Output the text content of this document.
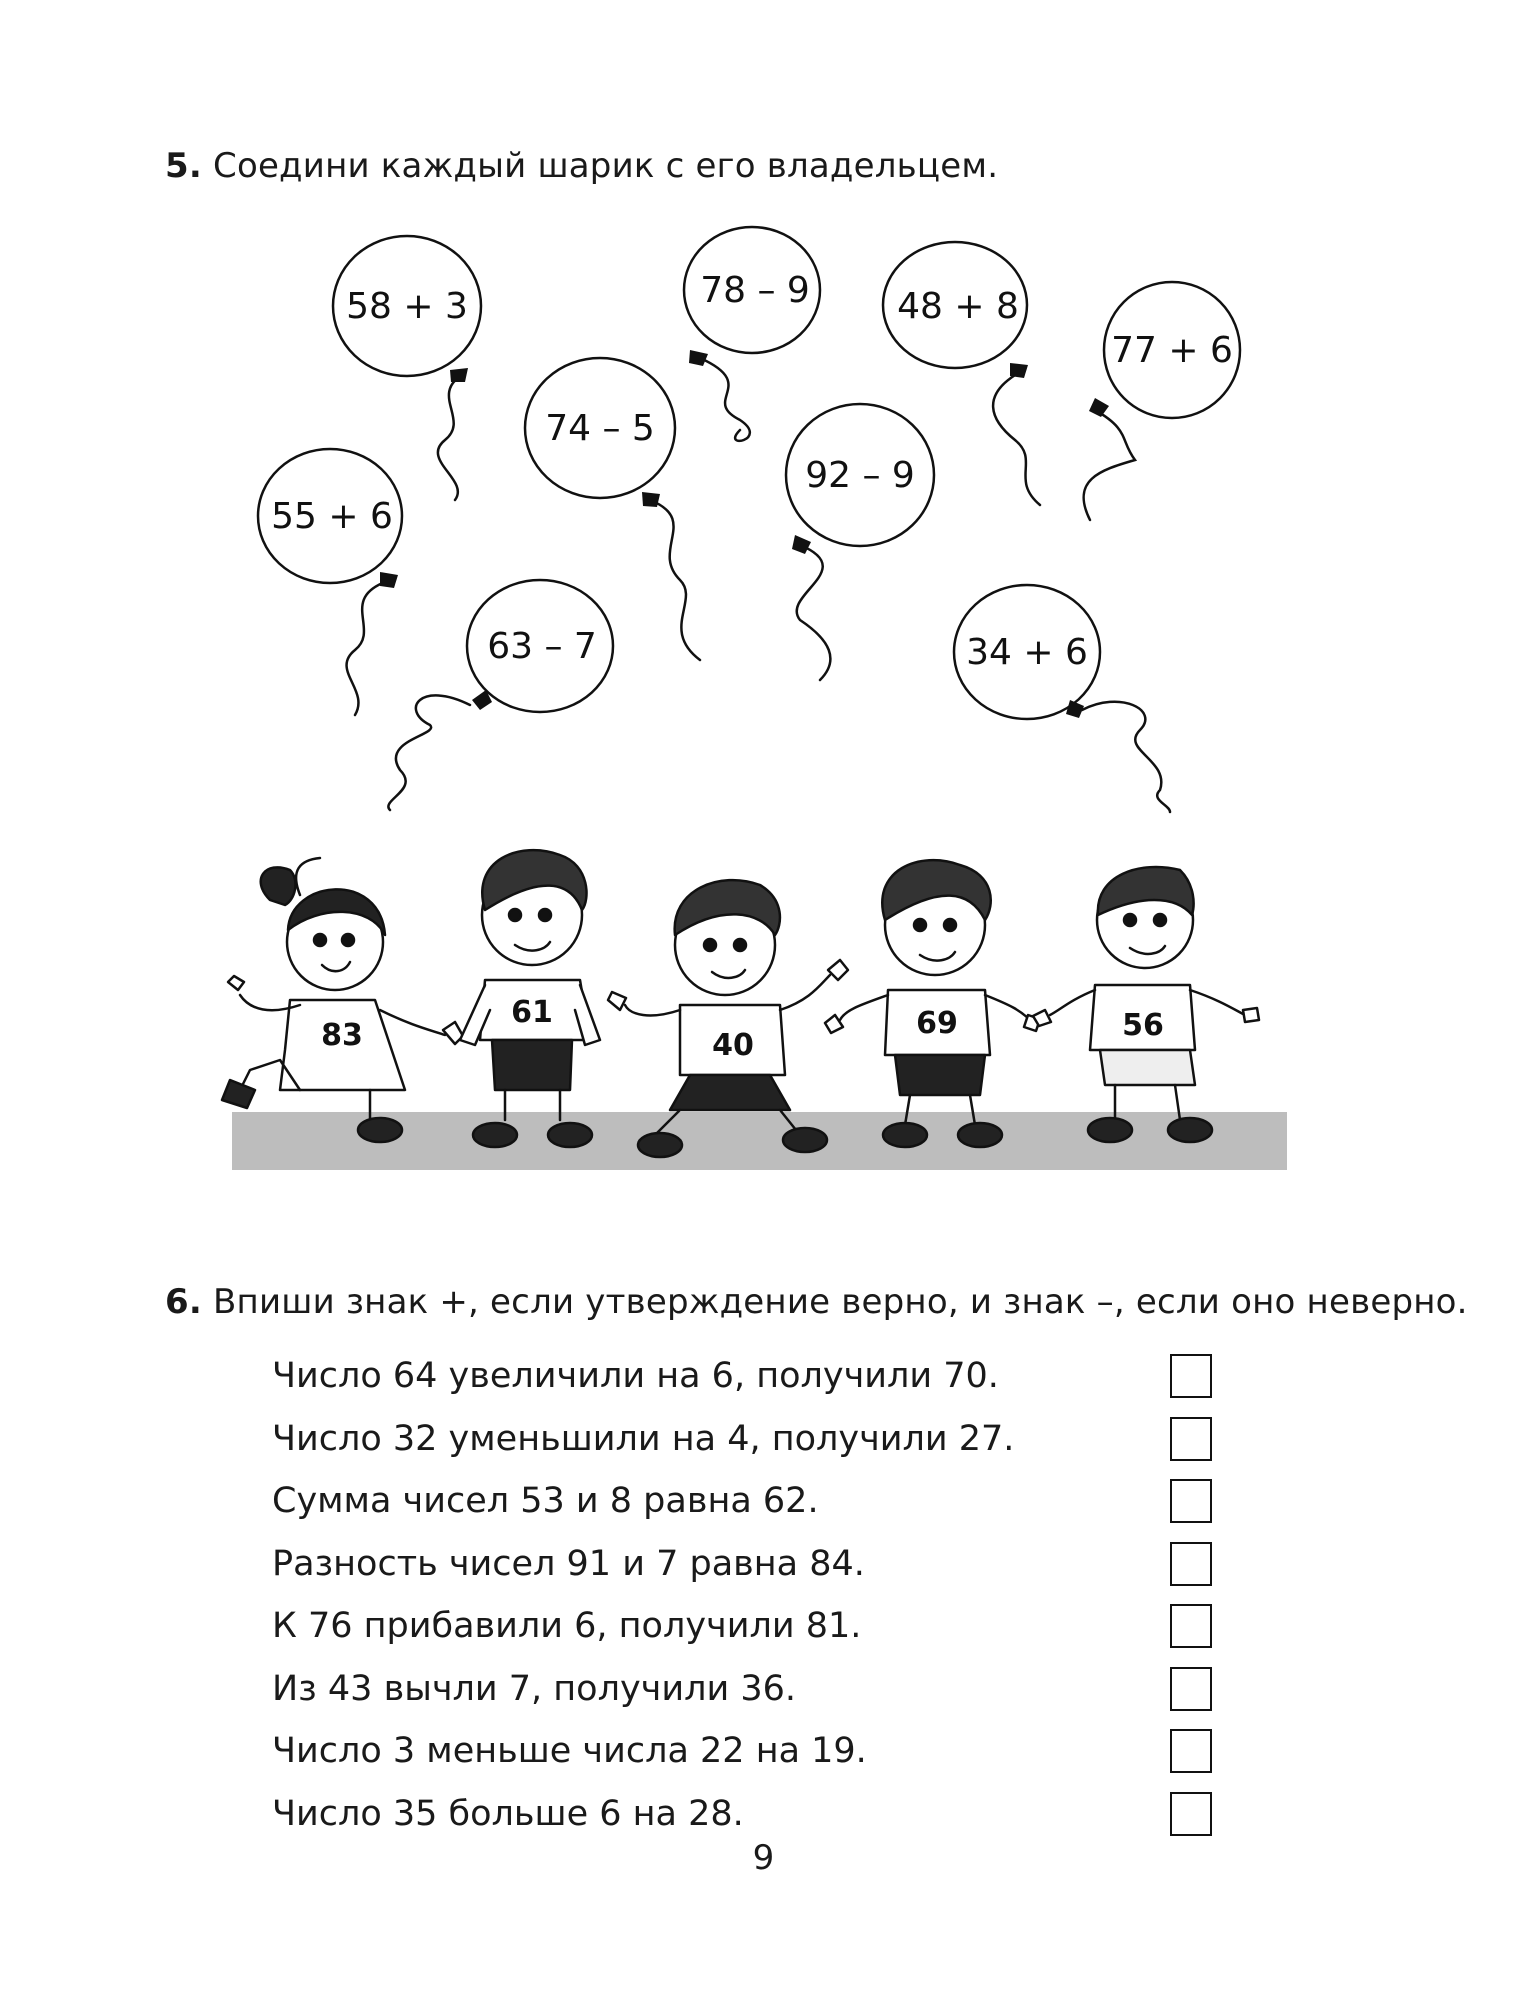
5. Соедини каждый шарик с его владельцем.
58 + 3	78 – 9 48 + 8
77 + 6
74 – 5
92 – 9
55 + 6
63 – 7	34 + 6
83
61
40
69	56
6. Впиши знак +, если утверждение верно, и знак –, если оно неверно.
Число 64 увеличили на 6, получили 70.
Число 32 уменьшили на 4, получили 27.
Сумма чисел 53 и 8 равна 62.
Разность чисел 91 и 7 равна 84.
К 76 прибавили 6, получили 81.
Из 43 вычли 7, получили 36.
Число 3 меньше числа 22 на 19.
Число 35 больше 6 на 28.
9
